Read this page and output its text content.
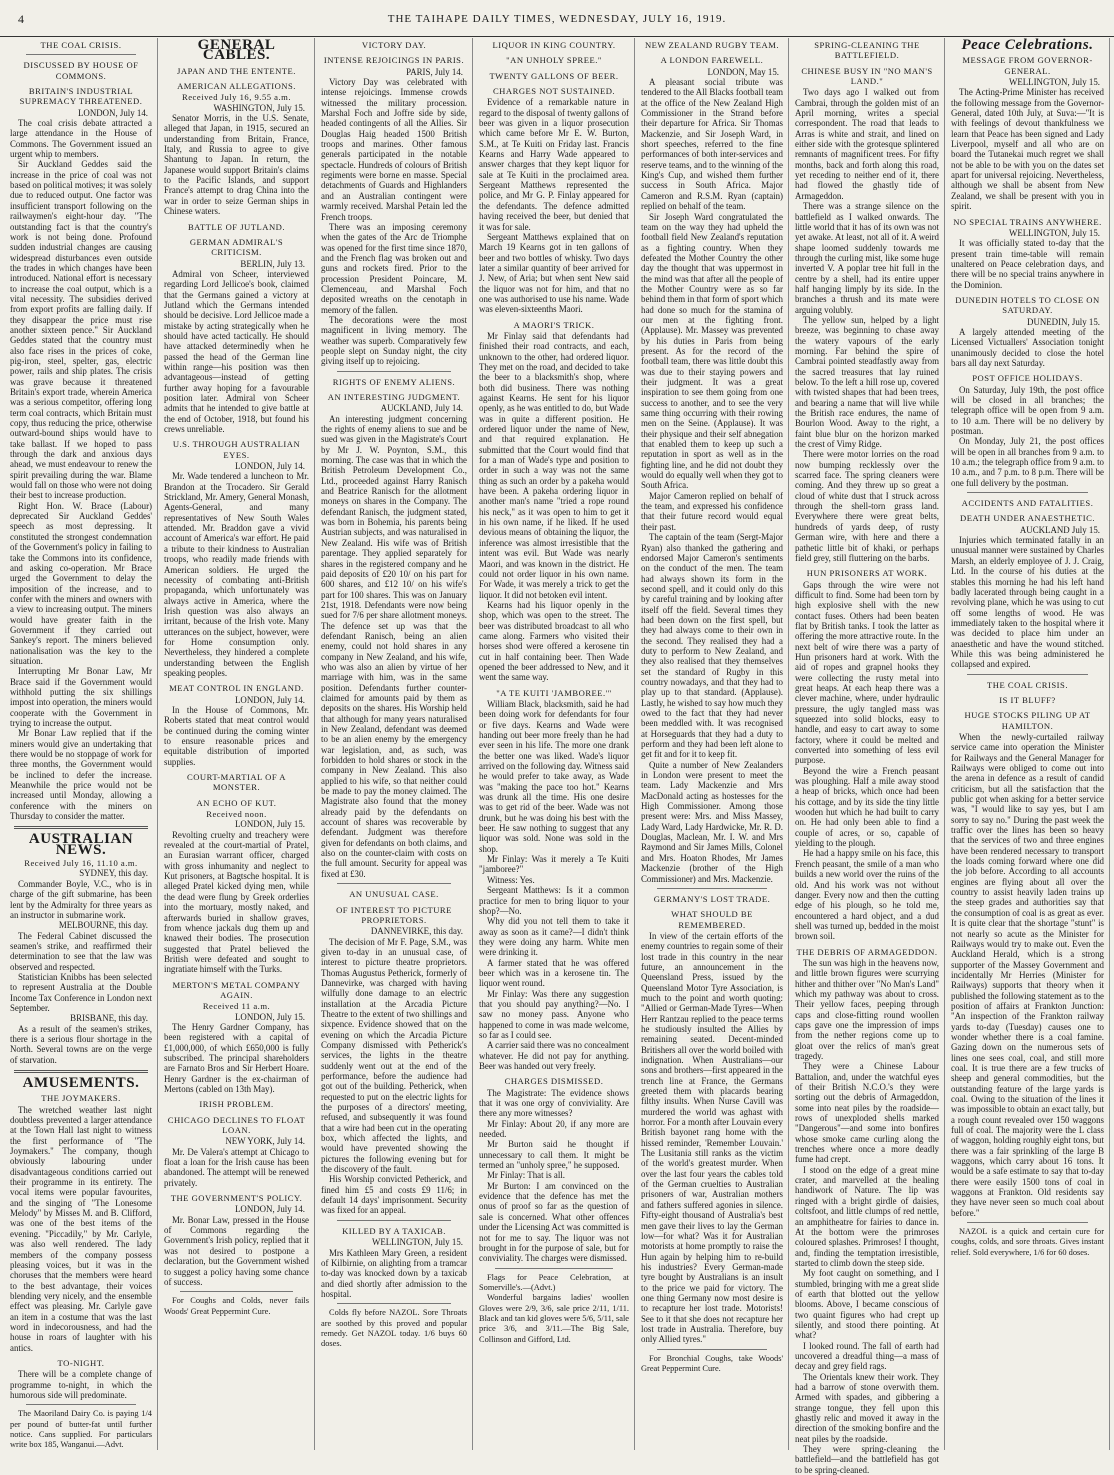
4	THE TAIHAPE DAILY TIMES, WEDNESDAY, JULY 16, 1919.
THE COAL CRISIS.
DISCUSSED BY HOUSE OF COMMONS.
BRITAIN'S INDUSTRIAL SUPREMACY THREATENED.

LONDON, July 14.

The coal crisis debate attracted a large attendance in the House of Commons. The Government issued an urgent whip to members.

Sir Auckland Geddes said the increase in the price of coal was not based on political motives; it was solely due to reduced output. One factor was insufficient transport following on the railwaymen's eight-hour day. "The outstanding fact is that the country's work is not being done. Profound sudden industrial changes are causing widespread disturbances even outside the trades in which changes have been introduced. National effort is necessary to increase the coal output, which is a vital necessity. The subsidies derived from export profits are falling daily. If they disappear the price must rise another sixteen pence." Sir Auckland Geddes stated that the country must also face rises in the prices of coke, pig-iron, steel, spelter, gas, electric power, rails and ship plates. The crisis was grave because it threatened Britain's export trade, wherein America was a serious competitor, offering long term coal contracts, which Britain must copy, thus reducing the price, otherwise outward-bound ships would have to take ballast. If we hoped to pass through the dark and anxious days ahead, we must endeavour to renew the spirit prevailing during the war. Blame would fall on those who were not doing their best to increase production.

Right Hon. W. Brace (Labour) deprecated Sir Auckland Geddes' speech as most depressing. It constituted the strongest condemnation of the Government's policy in failing to take the Commons into its confidence, and asking co-operation. Mr Brace urged the Government to delay the imposition of the increase, and to confer with the miners and owners with a view to increasing output. The miners would have greater faith in the Government if they carried out Sankey's report. The miners believed nationalisation was the key to the situation.

Interrupting Mr Bonar Law, Mr Brace said if the Government would withhold putting the six shillings impost into operation, the miners would cooperate with the Government in trying to increase the output.

Mr Bonar Law replied that if the miners would give an undertaking that there would be no stoppage of work for three months, the Government would be inclined to defer the increase. Meanwhile the price would not be increased until Monday, allowing a conference with the miners on Thursday to consider the matter.

AUSTRALIAN NEWS.

Received July 16, 11.10 a.m.

SYDNEY, this day.

Commander Boyle, V.C., who is in charge of the gift submarine, has been lent by the Admiralty for three years as an instructor in submarine work.

MELBOURNE, this day.

The Federal Cabinet discussed the seamen's strike, and reaffirmed their determination to see that the law was observed and respected.

Statistician Knibbs has been selected to represent Australia at the Double Income Tax Conference in London next September.

BRISBANE, this day.

As a result of the seamen's strikes, there is a serious flour shortage in the North. Several towns are on the verge of starvation.

AMUSEMENTS.
THE JOYMAKERS.

The wretched weather last night doubtless prevented a larger attendance at the Town Hall last night to witness the first performance of "The Joymakers." The company, though obviously labouring under disadvantageous conditions carried out their programme in its entirety. The vocal items were popular favourites, and the singing of "The Lonesome Melody" by Misses M. and B. Clifford, was one of the best items of the evening. "Piccadily," by Mr. Carlyle, was also well rendered. The lady members of the company possess pleasing voices, but it was in the choruses that the members were heard to the best advantage, their voices blending very nicely, and the ensemble effect was pleasing. Mr. Carlyle gave an item in a costume that was the last word in indecorousness, and had the house in roars of laughter with his antics.

TO-NIGHT.

There will be a complete change of programme to-night, in which the humorous side will predominate.

The Maoriland Dairy Co. is paying 1/4 per pound of butter-fat until further notice. Cans supplied. For particulars write box 185, Wanganui.—Advt.

GENERAL CABLES.
JAPAN AND THE ENTENTE.
AMERICAN ALLEGATIONS.

Received July 16, 9.55 a.m.

WASHINGTON, July 15.

Senator Morris, in the U.S. Senate, alleged that Japan, in 1915, secured an understanding from Britain, France, Italy, and Russia to agree to give Shantung to Japan. In return, the Japanese would support Britain's claims to the Pacific Islands, and support France's attempt to drag China into the war in order to seize German ships in Chinese waters.

BATTLE OF JUTLAND.
GERMAN ADMIRAL'S CRITICISM.

BERLIN, July 13.

Admiral von Scheer, interviewed regarding Lord Jellicoe's book, claimed that the Germans gained a victory at Jutland which the Germans intended should be decisive. Lord Jellicoe made a mistake by acting strategically when he should have acted tactically. He should have attacked determinedly when he passed the head of the German line within range—his position was then advantageous—instead of getting further away hoping for a favourable position later. Admiral von Scheer admits that he intended to give battle at the end of October, 1918, but found his crews unreliable.

U.S. THROUGH AUSTRALIAN EYES.

LONDON, July 14.

Mr. Wade tendered a luncheon to Mr. Brandon at the Trocadero. Sir Gerald Strickland, Mr. Amery, General Monash, Agents-General, and many representatives of New South Wales attended. Mr. Braddon gave a vivid account of America's war effort. He paid a tribute to their kindness to Australian troops, who readily made friends with American soldiers. He urged the necessity of combating anti-British propaganda, which unfortunately was always active in America, where the Irish question was also always an irritant, because of the Irish vote. Many utterances on the subject, however, were for Home consumption only. Nevertheless, they hindered a complete understanding between the English speaking peoples.

MEAT CONTROL IN ENGLAND.

LONDON, July 14.

In the House of Commons, Mr. Roberts stated that meat control would be continued during the coming winter to ensure reasonable prices and equitable distribution of imported supplies.

COURT-MARTIAL OF A MONSTER.
AN ECHO OF KUT.

Received noon.

LONDON, July 15.

Revolting cruelty and treachery were revealed at the court-martial of Pratel, an Eurasian warrant officer, charged with gross inhumanity and neglect to Kut prisoners, at Bagtsche hospital. It is alleged Pratel kicked dying men, while the dead were flung by Greek orderlies into the mortuary, mostly naked, and afterwards buried in shallow graves, from whence jackals dug them up and knawed their bodies. The prosecution suggested that Pratel believed the British were defeated and sought to ingratiate himself with the Turks.

MERTON'S METAL COMPANY AGAIN.

Received 11 a.m.

LONDON, July 15.

The Henry Gardner Company, has been registered with a capital of £1,000,000, of which £650,000 is fully subscribed. The principal shareholders are Farnato Bros and Sir Herbert Hoare. Henry Gardner is the ex-chairman of Mertons (cabled on 13th May).

IRISH PROBLEM.
CHICAGO DECLINES TO FLOAT LOAN.

NEW YORK, July 14.

Mr. De Valera's attempt at Chicago to float a loan for the Irish cause has been abandoned. The attempt will be renewed privately.

THE GOVERNMENT'S POLICY.

LONDON, July 14.

Mr. Bonar Law, pressed in the House of Commons regarding the Government's Irish policy, replied that it was not desired to postpone a declaration, but the Government wished to suggest a policy having some chance of success.

For Coughs and Colds, never fails Woods' Great Peppermint Cure.

VICTORY DAY.
INTENSE REJOICINGS IN PARIS.

PARIS, July 14.

Victory Day was celebrated with intense rejoicings. Immense crowds witnessed the military procession. Marshal Foch and Joffre side by side, headed contingents of all the Allies. Sir Douglas Haig headed 1500 British troops and marines. Other famous generals participated in the notable spectacle. Hundreds of colours of British regiments were borne en masse. Special detachments of Guards and Highlanders and an Australian contingent were warmly received. Marshal Petain led the French troops.

There was an imposing ceremony when the gates of the Arc de Triomphe was opened for the first time since 1870, and the French flag was broken out and guns and rockets fired. Prior to the procession President Poincare, M. Clemenceau, and Marshal Foch deposited wreaths on the cenotaph in memory of the fallen.

The decorations were the most magnificent in living memory. The weather was superb. Comparatively few people slept on Sunday night, the city giving itself up to rejoicing.

RIGHTS OF ENEMY ALIENS.
AN INTERESTING JUDGMENT.

AUCKLAND, July 14.

An interesting judgment concerning the rights of enemy aliens to sue and be sued was given in the Magistrate's Court by Mr J. W. Poynton, S.M., this morning. The case was that in which the British Petroleum Development Co., Ltd., proceeded against Harry Ranisch and Beatrice Ranisch for the allotment moneys on shares in the Company. The defendant Ranisch, the judgment stated, was born in Bohemia, his parents being Austrian subjects, and was naturalised in New Zealand. His wife was of British parentage. They applied separately for shares in the registered company and he paid deposits of £20 10/ on his part for 600 shares, and £12 10/ on his wife's part for 100 shares. This was on January 21st, 1918. Defendants were now being sued for 7/6 per share allotment moneys. The defence set up was that the defendant Ranisch, being an alien enemy, could not hold shares in any company in New Zealand, and his wife, who was also an alien by virtue of her marriage with him, was in the same position. Defendants further counter-claimed for amounts paid by them as deposits on the shares. His Worship held that although for many years naturalised in New Zealand, defendant was deemed to be an alien enemy by the emergency war legislation, and, as such, was forbidden to hold shares or stock in the company in New Zealand. This also applied to his wife, so that neither could be made to pay the money claimed. The Magistrate also found that the money already paid by the defendants on account of shares was recoverable by defendant. Judgment was therefore given for defendants on both claims, and also on the counter-claim with costs on the full amount. Security for appeal was fixed at £30.

AN UNUSUAL CASE.
OF INTEREST TO PICTURE PROPRIETORS.

DANNEVIRKE, this day.

The decision of Mr F. Page, S.M., was given to-day in an unusual case, of interest to picture theatre proprietors. Thomas Augustus Petherick, formerly of Dannevirke, was charged with having wilfully done damage to an electric installation at the Arcadia Picture Theatre to the extent of two shillings and sixpence. Evidence showed that on the evening on which the Arcadia Picture Company dismissed with Petherick's services, the lights in the theatre suddenly went out at the end of the performance, before the audience had got out of the building. Petherick, when requested to put on the electric lights for the purposes of a directors' meeting, refused, and subsequently it was found that a wire had been cut in the operating box, which affected the lights, and would have prevented showing the pictures the following evening but for the discovery of the fault.

His Worship convicted Petherick, and fined him £5 and costs £9 11/6; in default 14 days' imprisonment. Security was fixed for an appeal.

KILLED BY A TAXICAB.

WELLINGTON, July 15.

Mrs Kathleen Mary Green, a resident of Kilbirnie, on alighting from a tramcar to-day was knocked down by a taxicab and died shortly after admission to the hospital.

Colds fly before NAZOL. Sore Throats are soothed by this proved and popular remedy. Get NAZOL today. 1/6 buys 60 doses.

LIQUOR IN KING COUNTRY.
"AN UNHOLY SPREE."
TWENTY GALLONS OF BEER.
CHARGES NOT SUSTAINED.

Evidence of a remarkable nature in regard to the disposal of twenty gallons of beer was given in a liquor prosecution which came before Mr E. W. Burton, S.M., at Te Kuiti on Friday last. Francis Kearns and Harry Wade appeared to answer charges that they kept liquor for sale at Te Kuiti in the proclaimed area. Sergeant Matthews represented the police, and Mr G. P. Finlay appeared for the defendants. The defence admitted having received the beer, but denied that it was for sale.

Sergeant Matthews explained that on March 19 Kearns got in ten gallons of beer and two bottles of whisky. Two days later a similar quantity of beer arrived for J. New, of Aria; but when sent New said the liquor was not for him, and that no one was authorised to use his name. Wade was eleven-sixteenths Maori.

A MAORI'S TRICK.

Mr Finlay said that defendants had finished their road contracts, and each, unknown to the other, had ordered liquor. They met on the road, and decided to take the beer to a blacksmith's shop, where both did business. There was nothing against Kearns. He sent for his liquor openly, as he was entitled to do, but Wade was in quite a different position. He ordered liquor under the name of New, and that required explanation. He submitted that the Court would find that for a man of Wade's type and position to order in such a way was not the same thing as such an order by a pakeha would have been. A pakeha ordering liquor in another man's name "tried a rope round his neck," as it was open to him to get it in his own name, if he liked. If he used devious means of obtaining the liquor, the inference was almost irresistible that the intent was evil. But Wade was nearly Maori, and was known in the district. He could not order liquor in his own name. For Wade, it was merely a trick to get the liquor. It did not betoken evil intent.

Kearns had his liquor openly in the shop, which was open to the street. The beer was distributed broadcast to all who came along. Farmers who visited their horses shod were offered a kerosene tin cut in half containing beer. Then Wade opened the beer addressed to New, and it went the same way.

"A TE KUITI 'JAMBOREE.'"

William Black, blacksmith, said he had been doing work for defendants for four or five days. Kearns and Wade were handing out beer more freely than he had ever seen in his life. The more one drank the better one was liked. Wade's liquor arrived on the following day. Witness said he would prefer to take away, as Wade was "making the pace too hot." Kearns was drunk all the time. His one desire was to get rid of the beer. Wade was not drunk, but he was doing his best with the beer. He saw nothing to suggest that any liquor was sold. None was sold in the shop.

Mr Finlay: Was it merely a Te Kuiti "jamboree?"

Witness: Yes.

Sergeant Matthews: Is it a common practice for men to bring liquor to your shop?—No.

Why did you not tell them to take it away as soon as it came?—I didn't think they were doing any harm. White men were drinking it.

A farmer stated that he was offered beer which was in a kerosene tin. The liquor went round.

Mr Finlay: Was there any suggestion that you should pay anything?—No. I saw no money pass. Anyone who happened to come in was made welcome, so far as I could see.

A carrier said there was no concealment whatever. He did not pay for anything. Beer was handed out very freely.

CHARGES DISMISSED.

The Magistrate: The evidence shows that it was one orgy of conviviality. Are there any more witnesses?

Mr Finlay: About 20, if any more are needed.

Mr Burton said he thought if unnecessary to call them. It might be termed an "unholy spree," he supposed.

Mr Finlay: That is all.

Mr Burton: I am convinced on the evidence that the defence has met the onus of proof so far as the question of sale is concerned. What other offences under the Licensing Act was committed is not for me to say. The liquor was not brought in for the purpose of sale, but for conviviality. The charges were dismissed.

Flags for Peace Celebration, at Somerville's.—(Advt.)

Wonderful bargains ladies' woollen Gloves were 2/9, 3/6, sale price 2/11, 1/11. Black and tan kid gloves were 5/6, 5/11, sale price 3/6, and 3/11.—The Big Sale, Collinson and Gifford, Ltd.

NEW ZEALAND RUGBY TEAM.
A LONDON FAREWELL.

LONDON, May 15.

A pleasant social tribute was tendered to the All Blacks football team at the office of the New Zealand High Commissioner in the Strand before their departure for Africa. Sir Thomas Mackenzie, and Sir Joseph Ward, in short speeches, referred to the fine performances of both inter-services and reserve teams, and to the winning of the King's Cup, and wished them further success in South Africa. Major Cameron and R.S.M. Ryan (captain) replied on behalf of the team.

Sir Joseph Ward congratulated the team on the way they had upheld the football field New Zealand's reputation as a fighting country. When they defeated the Mother Country the other day the thought that was uppermost in the mind was that after all the people of the Mother Country were as so far behind them in that form of sport which had done so much for the stamina of our men at the fighting front. (Applause). Mr. Massey was prevented by his duties in Paris from being present. As for the record of the football team, there was little doubt this was due to their staying powers and their judgment. It was a great inspiration to see them going from one success to another, and to see the very same thing occurring with their rowing men on the Seine. (Applause). It was their physique and their self abnegation that enabled them to keep up such a reputation in sport as well as in the fighting line, and he did not doubt they would do equally well when they got to South Africa.

Major Cameron replied on behalf of the team, and expressed his confidence that their future record would equal their past.

The captain of the team (Sergt-Major Ryan) also thanked the gathering and endorsed Major Cameron's sentiments on the conduct of the men. The team had always shown its form in the second spell, and it could only do this by careful training and by looking after itself off the field. Several times they had been down on the first spell, but they had always come to their own in the second. They realised they had a duty to perform to New Zealand, and they also realised that they themselves set the standard of Rugby in this country nowadays, and that they had to play up to that standard. (Applause). Lastly, he wished to say how much they owed to the fact that they had never been meddled with. It was recognised at Horseguards that they had a duty to perform and they had been left alone to get fit and for it to keep fit.

Quite a number of New Zealanders in London were present to meet the team. Lady Mackenzie and Mrs MacDonald acting as hostesses for the High Commissioner. Among those present were: Mrs. and Miss Massey, Lady Ward, Lady Hardwicke, Mr. R. D. Douglas, Maclean, Mr. I. W. and Mrs Raymond and Sir James Mills, Colonel and Mrs. Hoaton Rhodes, Mr James Mackenzie (brother of the High Commissioner) and Mrs. Mackenzie.

GERMANY'S LOST TRADE.
WHAT SHOULD BE REMEMBERED.

In view of the certain efforts of the enemy countries to regain some of their lost trade in this country in the near future, an announcement in the Queensland Press, issued by the Queensland Motor Tyre Association, is much to the point and worth quoting: "Allied or German-Made Tyres—When Herr Rantzau replied to the peace terms he studiously insulted the Allies by remaining seated. Decent-minded Britishers all over the world boiled with indignation. When Australians—our sons and brothers—first appeared in the trench line at France, the Germans greeted them with placards bearing filthy insults. When Nurse Cavill was murdered the world was aghast with horror. For a month after Louvain every British bayonet rang home with the hissed reminder, 'Remember Louvain.' The Lusitania still ranks as the victim of the world's greatest murder. When over the last four years the cables told of the German cruelties to Australian prisoners of war, Australian mothers and fathers suffered agonies in silence. Fifty-eight thousand of Australia's best men gave their lives to lay the German low—for what? Was it for Australian motorists at home promptly to raise the Hun again by helping him to re-build his industries? Every German-made tyre bought by Australians is an insult to the price we paid for victory. The one thing Germany now most desire is to recapture her lost trade. Motorists! See to it that she does not recapture her lost trade in Australia. Therefore, buy only Allied tyres."

For Bronchial Coughs, take Woods' Great Peppermint Cure.

SPRING-CLEANING THE BATTLEFIELD.
CHINESE BUSY IN "NO MAN'S LAND."

Two days ago I walked out from Cambrai, through the golden mist of an April morning, writes a special correspondent. The road that leads to Arras is white and strait, and lined on either side with the grotesque splintered remnants of magnificent trees. For fifty months, back and forth along this road, yet receding to neither end of it, there had flowed the ghastly tide of Armageddon.

There was a strange silence on the battlefield as I walked onwards. The little world that it has of its own was not yet awake. At least, not all of it. A weird shape loomed suddenly towards me through the curling mist, like some huge inverted V. A poplar tree hit full in the centre by a shell, had its entire upper half hanging limply by its side. In the branches a thrush and its mate were arguing volubly.

The yellow sun, helped by a light breeze, was beginning to chase away the watery vapours of the early morning. Far behind the spire of Cambrai pointed steadfastly away from the sacred treasures that lay ruined below. To the left a hill rose up, covered with twisted shapes that had been trees, and bearing a name that will live while the British race endures, the name of Bourlon Wood. Away to the right, a faint blue blur on the horizon marked the crest of Vimy Ridge.

There were motor lorries on the road now bumping recklessly over the scarred face. The spring cleaners were coming. And they threw up so great a cloud of white dust that I struck across through the shell-torn grass land. Everywhere there were great belts, hundreds of yards deep, of rusty German wire, with here and there a pathetic little bit of khaki, or perhaps field grey, still fluttering on the barbs.

HUN PRISONERS AT WORK.

Gaps through the wire were not difficult to find. Some had been torn by high explosive shell with the new contact fuses. Others had been beaten flat by British tanks. I took the latter as offering the more attractive route. In the next belt of wire there was a party of Hun prisoners hard at work. With the aid of ropes and grapnel hooks they were collecting the rusty metal into great heaps. At each heap there was a clever machine, where, under hydraulic pressure, the ugly tangled mass was squeezed into solid blocks, easy to handle, and easy to cart away to some factory, where it could be melted and converted into something of less evil purpose.

Beyond the wire a French peasant was ploughing. Half a mile away stood a heap of bricks, which once had been his cottage, and by its side the tiny little wooden hut which he had built to carry on. He had only been able to find a couple of acres, or so, capable of yielding to the plough.

He had a happy smile on his face, this French peasant, the smile of a man who builds a new world over the ruins of the old. And his work was not without danger. Every now and then the cutting edge of his plough, so he told me, encountered a hard object, and a dud shell was turned up, bedded in the moist brown soil.

THE DEBRIS OF ARMAGEDDON.

The sun was high in the heavens now, and little brown figures were scurrying hither and thither over "No Man's Land" which my pathway was about to cross. Their yellow faces, peeping through caps and close-fitting round woollen caps gave one the impression of imps from the nether regions come up to gloat over the relics of man's great tragedy.

They were a Chinese Labour Battalion, and, under the watchful eyes of their British N.C.O.'s they were sorting out the debris of Armageddon, some into neat piles by the roadside—rows of unexploded shells marked "Dangerous"—and some into bonfires whose smoke came curling along the trenches where once a more deadly fume had crept.

I stood on the edge of a great mine crater, and marvelled at the healing handiwork of Nature. The lip was ringed with a bright girdle of daisies, coltsfoot, and little clumps of red nettle, an amphitheatre for fairies to dance in. At the bottom were the primroses coloured splashes. Primroses! I thought, and, finding the temptation irresistible, started to climb down the steep side.

My foot caught on something, and I stumbled, bringing with me a great slide of earth that blotted out the yellow blooms. Above, I became conscious of two quaint figures who had crept up silently, and stood there pointing. At what?

I looked round. The fall of earth had uncovered a dreadful thing—a mass of decay and grey field rags.

The Orientals knew their work. They had a barrow of stone overwith them. Armed with spades, and gibbering a strange tongue, they fell upon this ghastly relic and moved it away in the direction of the smoking bonfire and the neat piles by the roadside.

They were spring-cleaning the battlefield—and the battlefield has got to be spring-cleaned.

Peace Celebrations.
MESSAGE FROM GOVERNOR-GENERAL.

WELLINGTON, July 15.

The Acting-Prime Minister has received the following message from the Governor-General, dated 10th July, at Suva:—"It is with feelings of devout thankfulness we learn that Peace has been signed and Lady Liverpool, myself and all who are on board the Tutanekai much regret we shall not be able to be with you on the dates set apart for universal rejoicing. Nevertheless, although we shall be absent from New Zealand, we shall be present with you in spirit.

NO SPECIAL TRAINS ANYWHERE.

WELLINGTON, July 15.

It was officially stated to-day that the present train time-table will remain unaltered on Peace celebration days, and there will be no special trains anywhere in the Dominion.

DUNEDIN HOTELS TO CLOSE ON SATURDAY.

DUNEDIN, July 15.

A largely attended meeting of the Licensed Victuallers' Association tonight unanimously decided to close the hotel bars all day next Saturday.

POST OFFICE HOLIDAYS.

On Saturday, July 19th, the post office will be closed in all branches; the telegraph office will be open from 9 a.m. to 10 a.m. There will be no delivery by postman.

On Monday, July 21, the post offices will be open in all branches from 9 a.m. to 10 a.m.; the telegraph office from 9 a.m. to 10 a.m., and 7 p.m. to 8 p.m. There will be one full delivery by the postman.

ACCIDENTS AND FATALITIES.
DEATH UNDER ANAESTHETIC.

AUCKLAND July 15.

Injuries which terminated fatally in an unusual manner were sustained by Charles Marsh, an elderly employee of J. J. Craig, Ltd. In the course of his duties at the stables this morning he had his left hand badly lacerated through being caught in a revolving plane, which he was using to cut off some lengths of wood. He was immediately taken to the hospital where it was decided to place him under an anaesthetic and have the wound stitched. While this was being administered he collapsed and expired.

THE COAL CRISIS.
IS IT BLUFF?
HUGE STOCKS PILING UP AT HAMILTON.

When the newly-curtailed railway service came into operation the Minister for Railways and the General Manager for Railways were obliged to come out into the arena in defence as a result of candid criticism, but all the satisfaction that the public got when asking for a better service was, "I would like to say yes, but I am sorry to say no." During the past week the traffic over the lines has been so heavy that the services of two and three engines have been rendered necessary to transport the loads coming forward where one did the job before. According to all accounts engines are flying about all over the country to assist heavily laden trains up the steep grades and authorities say that the consumption of coal is as great as ever. It is quite clear that the shortage "stunt" is not nearly so acute as the Minister for Railways would try to make out. Even the Auckland Herald, which is a strong supporter of the Massey Government and incidentally Mr Herries (Minister for Railways) supports that theory when it published the following statement as to the position of affairs at Frankton Junction: "An inspection of the Frankton railway yards to-day (Tuesday) causes one to wonder whether there is a coal famine. Gazing down on the numerous sets of lines one sees coal, coal, and still more coal. It is true there are a few trucks of sheep and general commodities, but the outstanding feature of the large yards is coal. Owing to the situation of the lines it was impossible to obtain an exact tally, but a rough count revealed over 150 waggons full of coal. The majority were the L class of waggon, holding roughly eight tons, but there was a fair sprinkling of the large B waggons, which carry about 16 tons. It would be a safe estimate to say that to-day there were easily 1500 tons of coal in waggons at Frankton. Old residents say they have never seen so much coal about before."

NAZOL is a quick and certain cure for coughs, colds, and sore throats. Gives instant relief. Sold everywhere, 1/6 for 60 doses.
